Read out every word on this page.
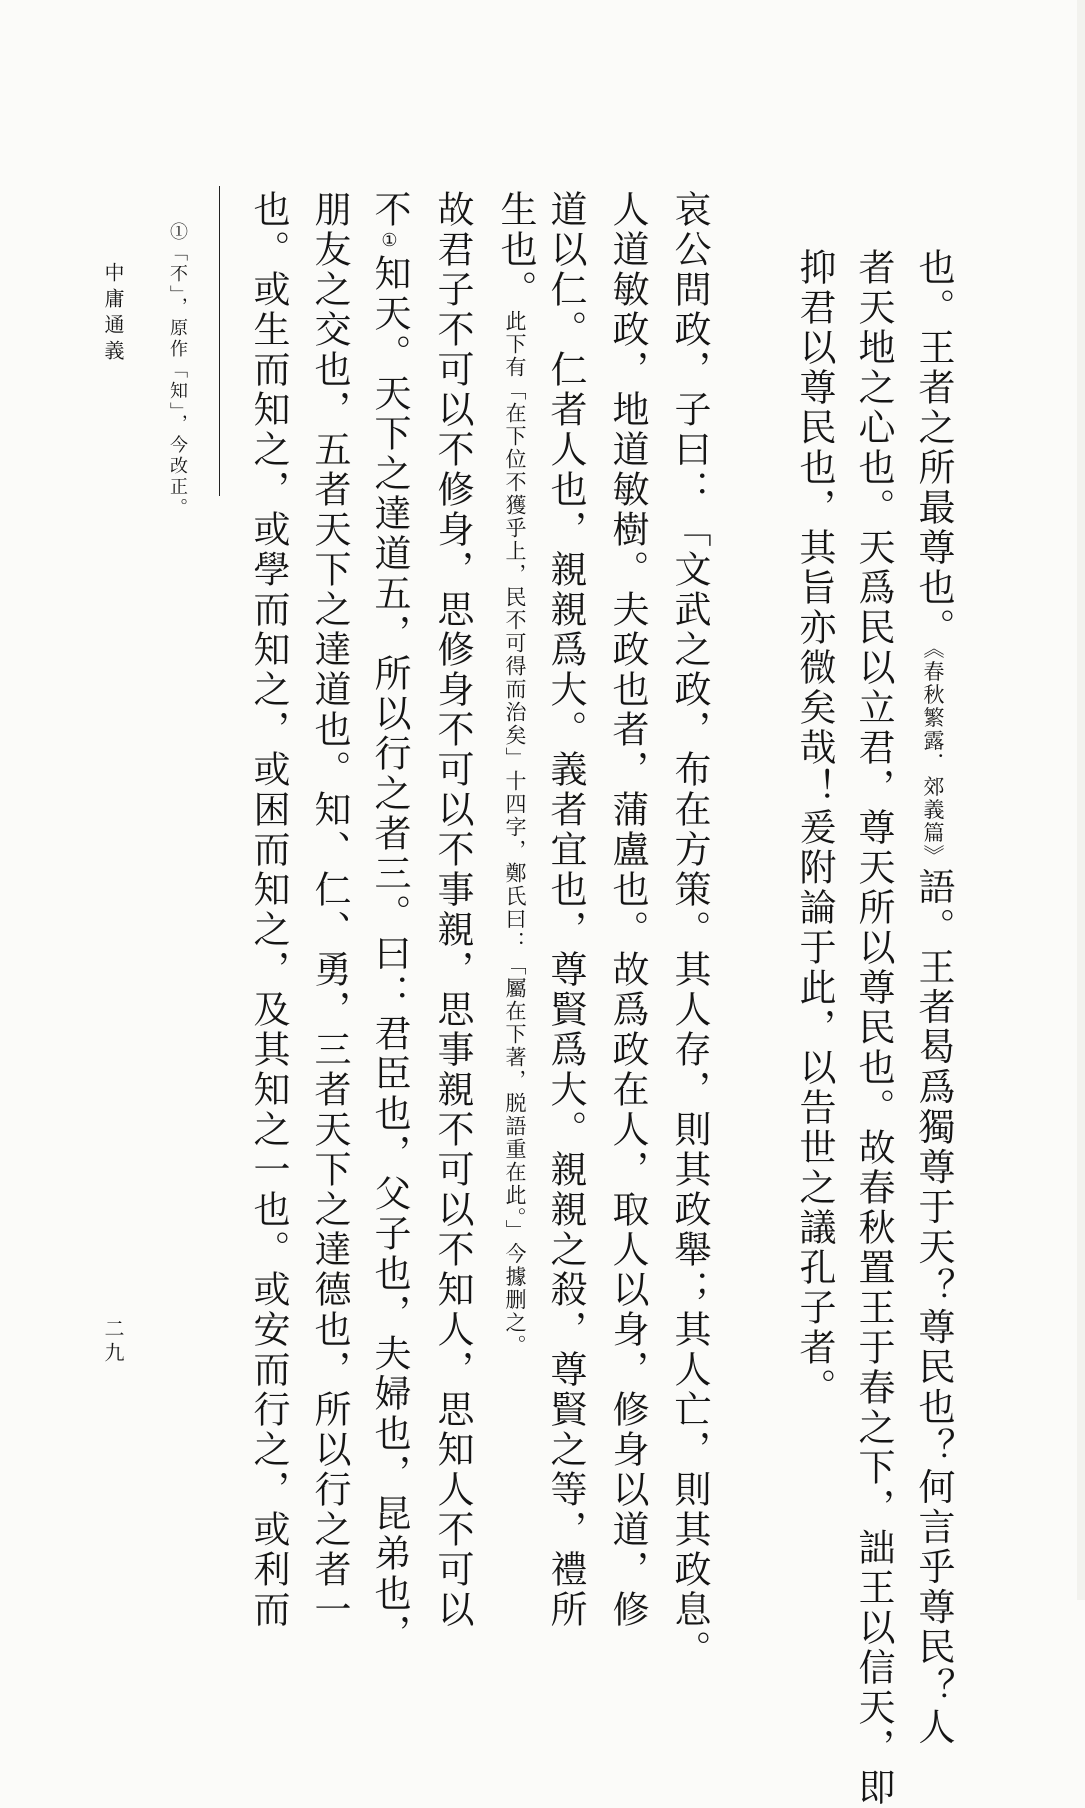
也。王者之所最尊也。《春秋繁露．郊義篇》語。王者曷爲獨尊于天？尊民也？何言乎尊民？人
者天地之心也。天爲民以立君，尊天所以尊民也。故春秋置王于春之下，詘王以信天，即
抑君以尊民也，其旨亦微矣哉！爰附論于此，以告世之議孔子者。
哀公問政，子曰：「文武之政，布在方策。其人存，則其政舉；其人亡，則其政息。
人道敏政，地道敏樹。夫政也者，蒲盧也。故爲政在人，取人以身，修身以道，修
道以仁。仁者人也，親親爲大。義者宜也，尊賢爲大。親親之殺，尊賢之等，禮所
生也。此下有「在下位不獲乎上，民不可得而治矣」十四字，鄭氏曰：「屬在下著，脱語重在此。」今據删之。
故君子不可以不修身，思修身不可以不事親，思事親不可以不知人，思知人不可以
不①知天。天下之達道五，所以行之者三。曰：君臣也，父子也，夫婦也，昆弟也，
朋友之交也，五者天下之達道也。知、仁、勇，三者天下之達德也，所以行之者一
也。或生而知之，或學而知之，或困而知之，及其知之一也。或安而行之，或利而
①「不」，原作「知」，今改正。
中庸通義
二九
